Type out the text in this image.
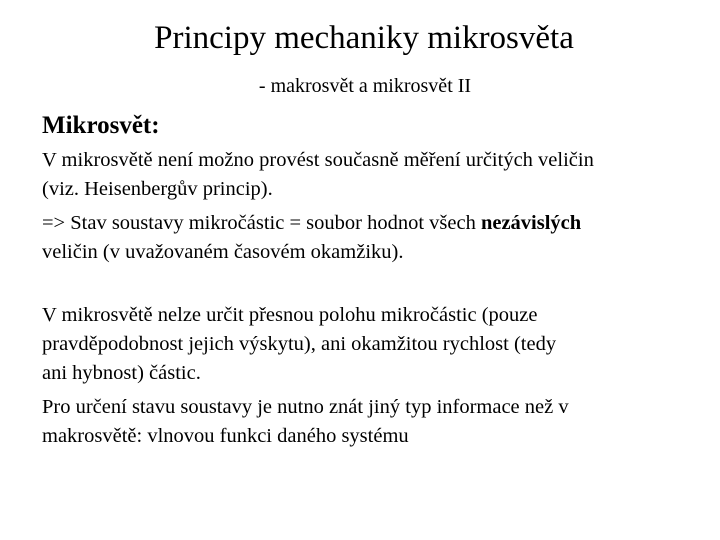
Principy mechaniky mikrosvěta

- makrosvět a mikrosvět II

Mikrosvět:

V mikrosvětě není možno provést současně měření určitých veličin
(viz. Heisenbergův princip).

=> Stav soustavy mikročástic = soubor hodnot všech nezávislých
veličin (v uvažovaném časovém okamžiku).

V mikrosvětě nelze určit přesnou polohu mikročástic (pouze
pravděpodobnost jejich výskytu), ani okamžitou rychlost (tedy
ani hybnost) částic.

Pro určení stavu soustavy je nutno znát jiný typ informace než v
makrosvětě: vlnovou funkci daného systému
